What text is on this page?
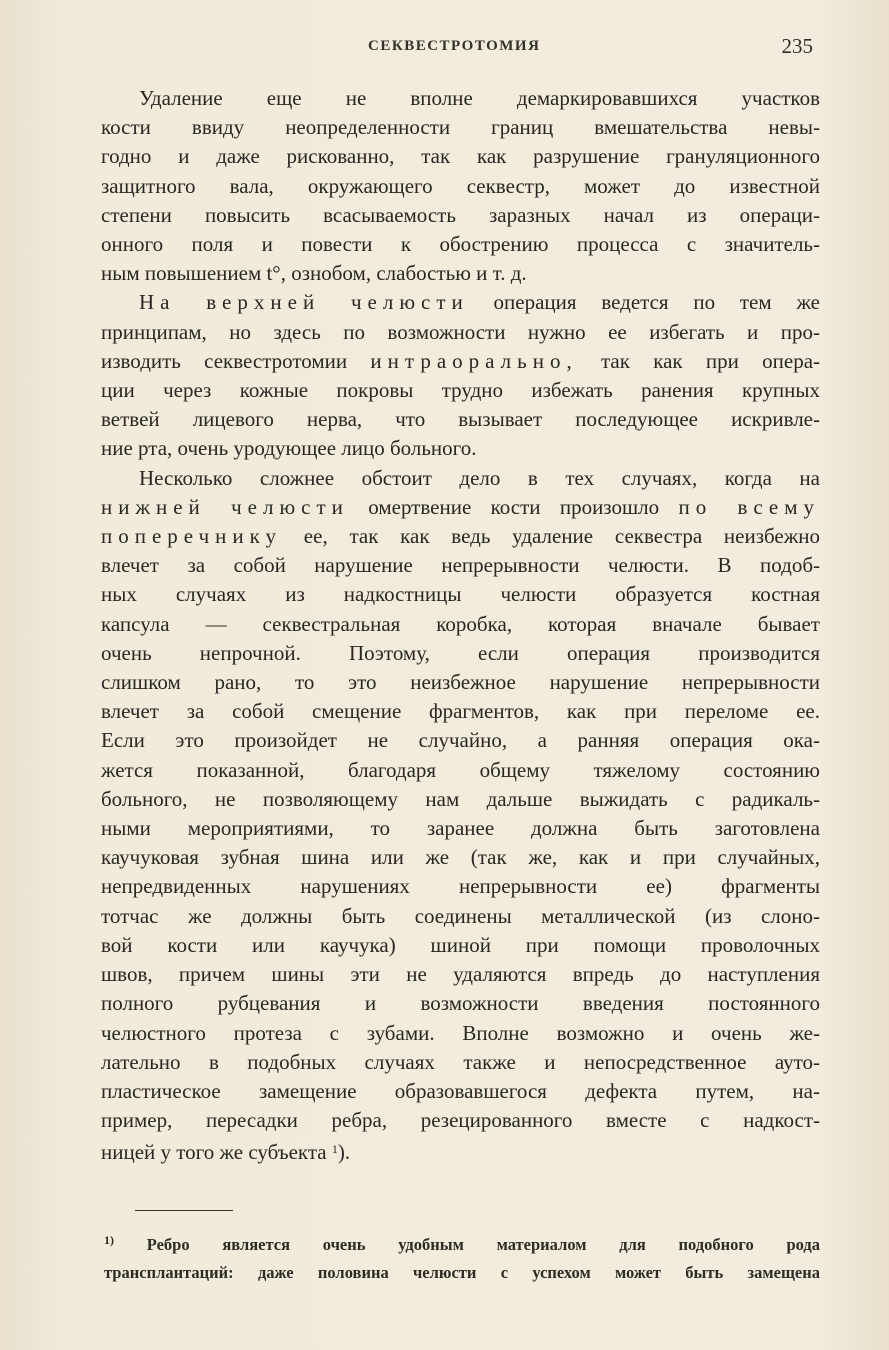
СЕКВЕСТРОТОМИЯ	235
Удаление еще не вполне демаркировавшихся участков
кости ввиду неопределенности границ вмешательства невы-
годно и даже рискованно, так как разрушение грануляционного
защитного вала, окружающего секвестр, может до известной
степени повысить всасываемость заразных начал из операци-
онного поля и повести к обострению процесса с значитель-
ным повышением t°, ознобом, слабостью и т. д.
На верхней челюсти операция ведется по тем же
принципам, но здесь по возможности нужно ее избегать и про-
изводить секвестротомии интраорально, так как при опера-
ции через кожные покровы трудно избежать ранения крупных
ветвей лицевого нерва, что вызывает последующее искривле-
ние рта, очень уродующее лицо больного.
Несколько сложнее обстоит дело в тех случаях, когда на
нижней челюсти омертвение кости произошло по всему
поперечнику ее, так как ведь удаление секвестра неизбежно
влечет за собой нарушение непрерывности челюсти. В подоб-
ных случаях из надкостницы челюсти образуется костная
капсула — секвестральная коробка, которая вначале бывает
очень непрочной. Поэтому, если операция производится
слишком рано, то это неизбежное нарушение непрерывности
влечет за собой смещение фрагментов, как при переломе ее.
Если это произойдет не случайно, а ранняя операция ока-
жется показанной, благодаря общему тяжелому состоянию
больного, не позволяющему нам дальше выжидать с радикаль-
ными мероприятиями, то заранее должна быть заготовлена
каучуковая зубная шина или же (так же, как и при случайных,
непредвиденных нарушениях непрерывности ее) фрагменты
тотчас же должны быть соединены металлической (из слоно-
вой кости или каучука) шиной при помощи проволочных
швов, причем шины эти не удаляются впредь до наступления
полного рубцевания и возможности введения постоянного
челюстного протеза с зубами. Вполне возможно и очень же-
лательно в подобных случаях также и непосредственное ауто-
пластическое замещение образовавшегося дефекта путем, на-
пример, пересадки ребра, резецированного вместе с надкост-
ницей у того же субъекта $^1$).
$^{1)}$ Ребро является очень удобным материалом для подобного рода
трансплантаций: даже половина челюсти с успехом может быть замещена
